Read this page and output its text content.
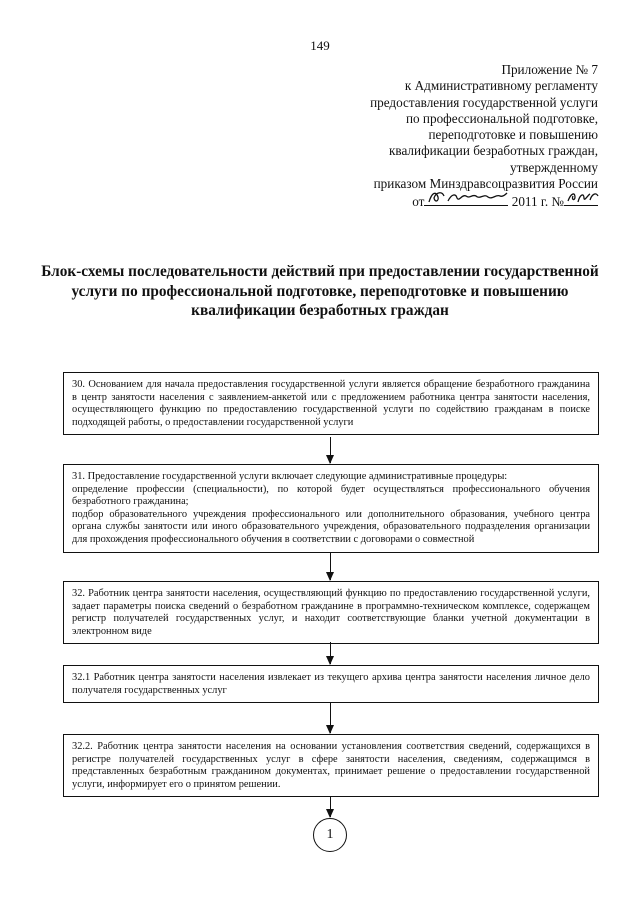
149
Приложение № 7
к Административному регламенту
предоставления государственной услуги
по профессиональной подготовке,
переподготовке и повышению
квалификации безработных граждан,
утвержденному
приказом Минздравсоцразвития России
от	2011 г. №
Блок-схемы последовательности действий при предоставлении государственной услуги по профессиональной подготовке, переподготовке и повышению квалификации безработных граждан

30. Основанием для начала предоставления государственной услуги является обращение безработного гражданина в центр занятости населения с заявлением-анкетой или с предложением работника центра занятости населения, осуществляющего функцию по предоставлению государственной услуги по содействию гражданам в поиске подходящей работы, о предоставлении государственной услуги

31. Предоставление государственной услуги включает следующие административные процедуры:

определение профессии (специальности), по которой будет осуществляться профессионального обучения безработного гражданина;

подбор образовательного учреждения профессионального или дополнительного образования, учебного центра органа службы занятости или иного образовательного учреждения, образовательного подразделения организации для прохождения профессионального обучения в соответствии с договорами о совместной

32. Работник центра занятости населения, осуществляющий функцию по предоставлению государственной услуги, задает параметры поиска сведений о безработном гражданине в программно-техническом комплексе, содержащем регистр получателей государственных услуг, и находит соответствующие бланки учетной документации в электронном виде

32.1 Работник центра занятости населения извлекает из текущего архива центра занятости населения личное дело получателя государственных услуг

32.2. Работник центра занятости населения на основании установления соответствия сведений, содержащихся в регистре получателей государственных услуг в сфере занятости населения, сведениям, содержащимся в представленных безработным гражданином документах, принимает решение о предоставлении государственной услуги, информирует его о принятом решении.

1
